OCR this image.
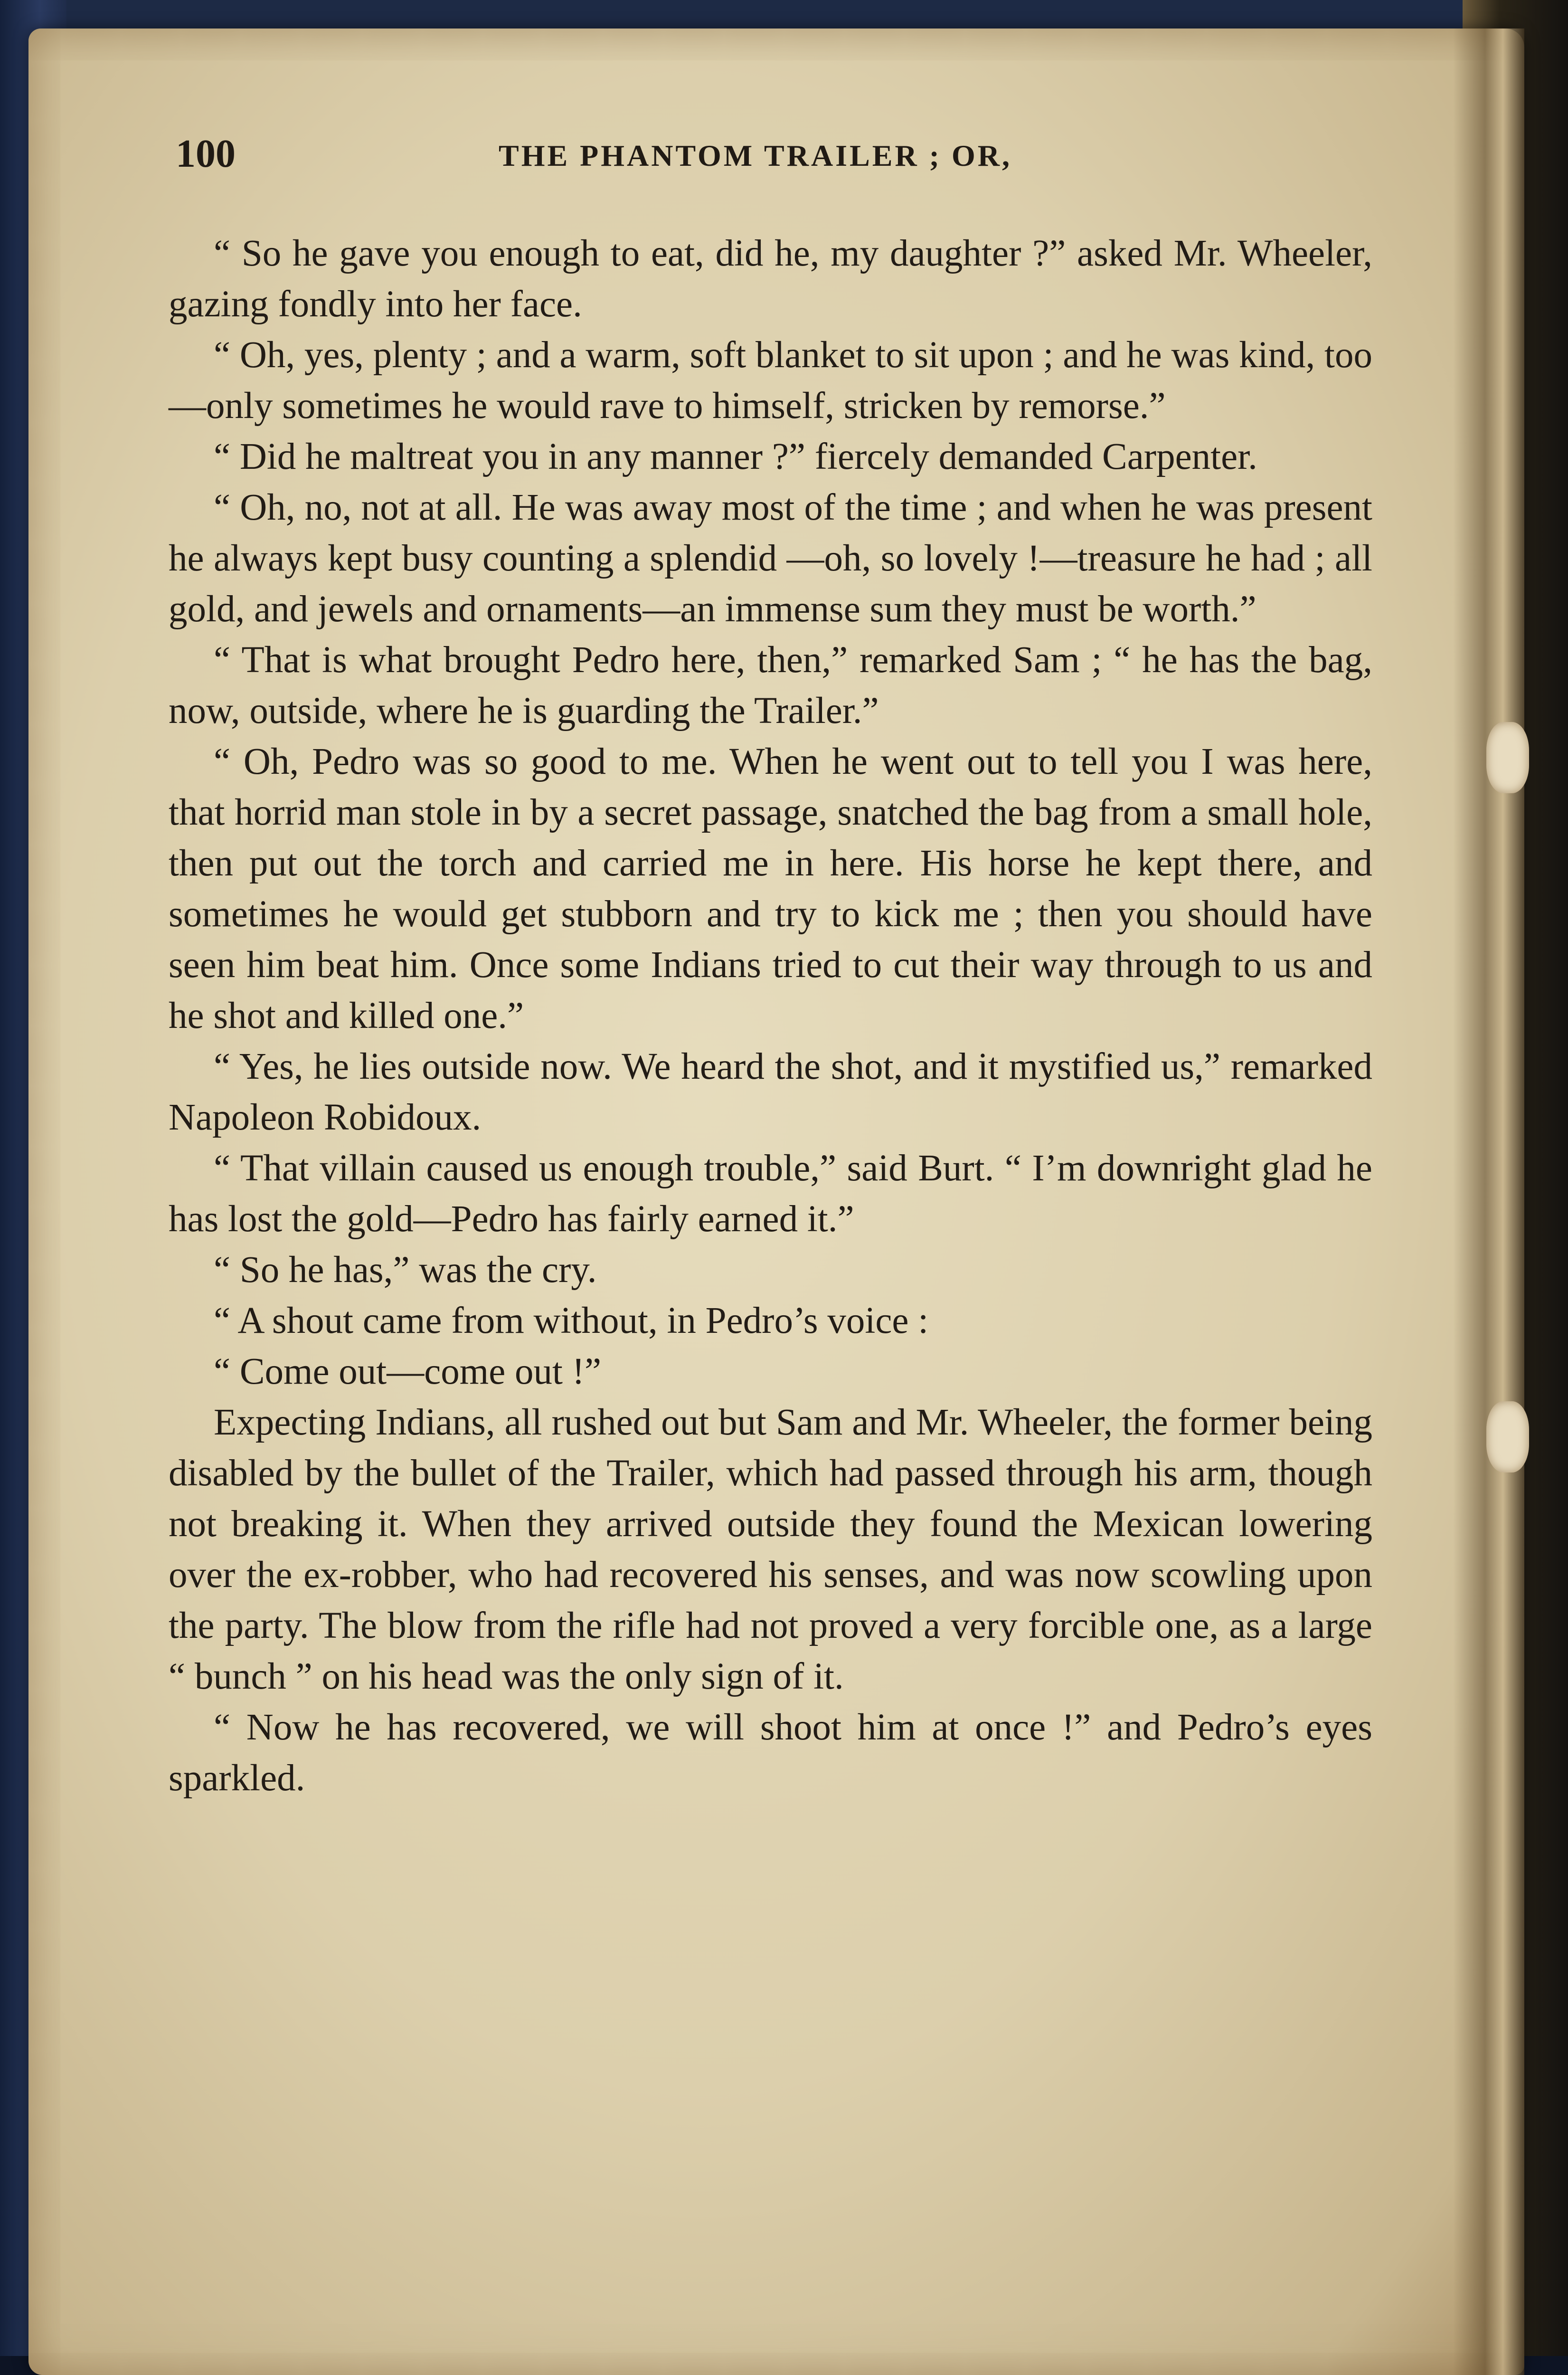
100	THE PHANTOM TRAILER ; OR,

“ So he gave you enough to eat, did he, my daughter ?” asked Mr. Wheeler, gazing fondly into her face.

“ Oh, yes, plenty ; and a warm, soft blanket to sit upon ; and he was kind, too—only sometimes he would rave to himself, stricken by remorse.”

“ Did he maltreat you in any manner ?” fiercely demanded Carpenter.

“ Oh, no, not at all. He was away most of the time ; and when he was present he always kept busy counting a splendid —oh, so lovely !—treasure he had ; all gold, and jewels and ornaments—an immense sum they must be worth.”

“ That is what brought Pedro here, then,” remarked Sam ; “ he has the bag, now, outside, where he is guarding the Trailer.”

“ Oh, Pedro was so good to me. When he went out to tell you I was here, that horrid man stole in by a secret passage, snatched the bag from a small hole, then put out the torch and carried me in here. His horse he kept there, and sometimes he would get stubborn and try to kick me ; then you should have seen him beat him. Once some Indians tried to cut their way through to us and he shot and killed one.”

“ Yes, he lies outside now. We heard the shot, and it mystified us,” remarked Napoleon Robidoux.

“ That villain caused us enough trouble,” said Burt. “ I’m downright glad he has lost the gold—Pedro has fairly earned it.”

“ So he has,” was the cry.

“ A shout came from without, in Pedro’s voice :

“ Come out—come out !”

Expecting Indians, all rushed out but Sam and Mr. Wheeler, the former being disabled by the bullet of the Trailer, which had passed through his arm, though not breaking it. When they arrived outside they found the Mexican lowering over the ex-robber, who had recovered his senses, and was now scowling upon the party. The blow from the rifle had not proved a very forcible one, as a large “ bunch ” on his head was the only sign of it.

“ Now he has recovered, we will shoot him at once !” and Pedro’s eyes sparkled.
